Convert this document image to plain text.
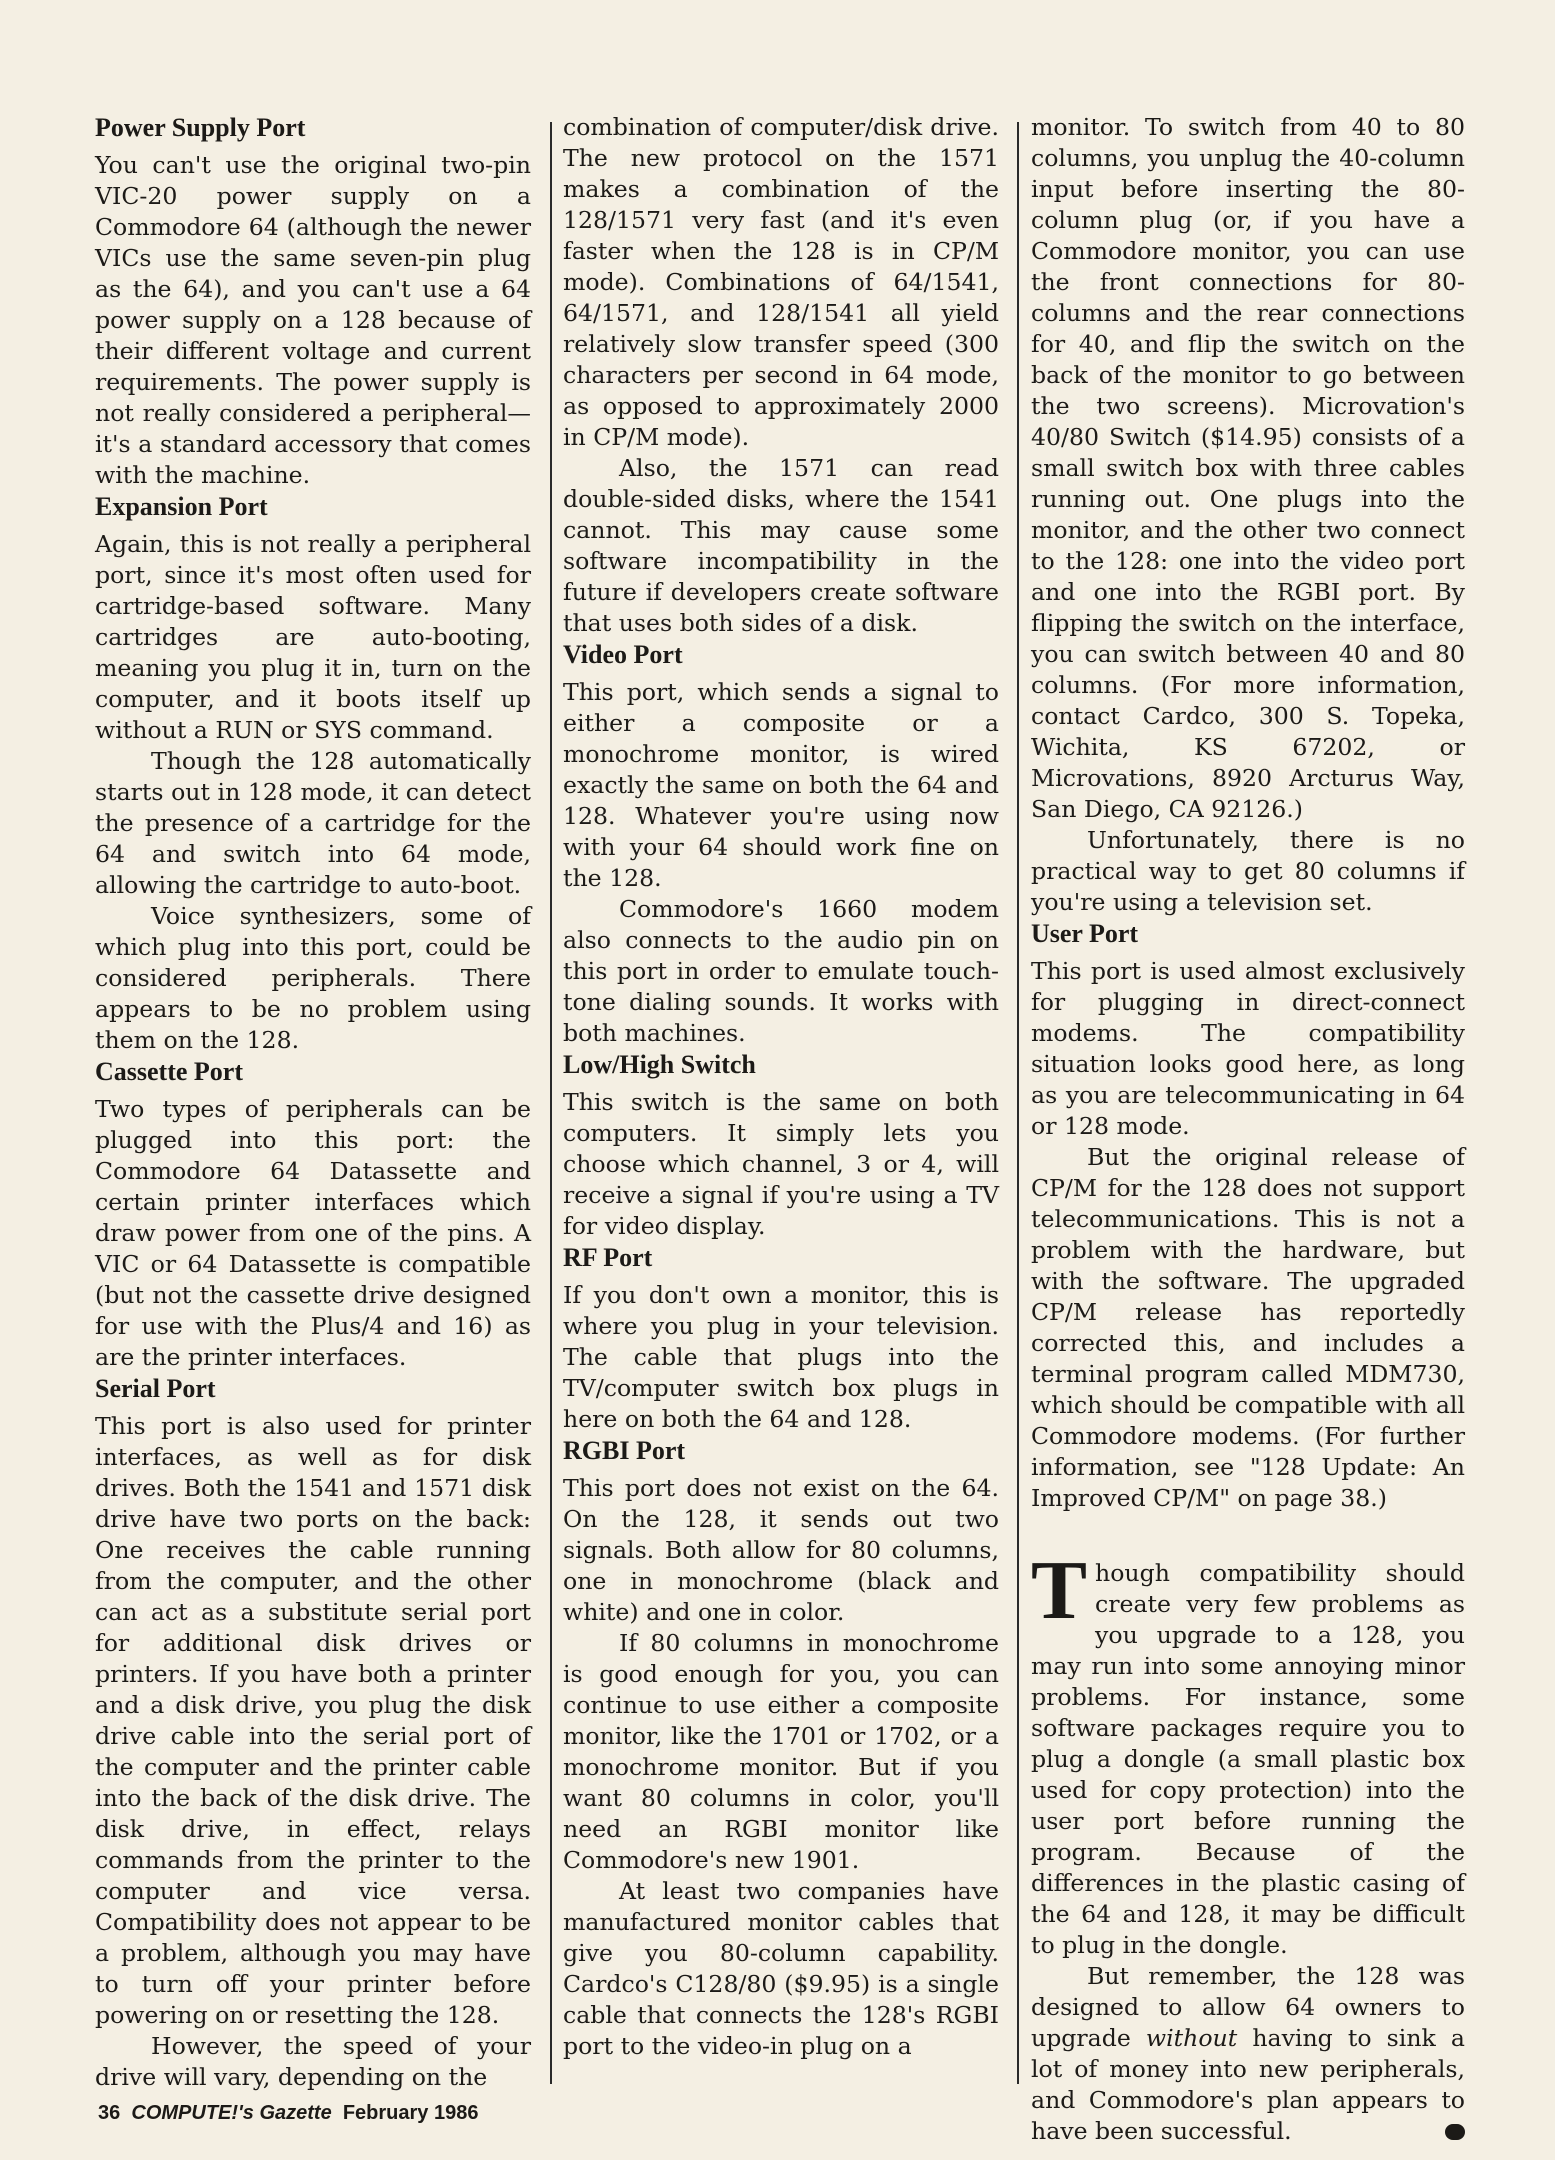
Power Supply Port

You can't use the original two-pin VIC-20 power supply on a Commodore 64 (although the newer VICs use the same seven-pin plug as the 64), and you can't use a 64 power supply on a 128 because of their different voltage and current requirements. The power supply is not really considered a peripheral—it's a standard accessory that comes with the machine.

Expansion Port

Again, this is not really a peripheral port, since it's most often used for cartridge-based software. Many cartridges are auto-booting, meaning you plug it in, turn on the computer, and it boots itself up without a RUN or SYS command.

Though the 128 automatically starts out in 128 mode, it can detect the presence of a cartridge for the 64 and switch into 64 mode, allowing the cartridge to auto-boot.

Voice synthesizers, some of which plug into this port, could be considered peripherals. There appears to be no problem using them on the 128.

Cassette Port

Two types of peripherals can be plugged into this port: the Commodore 64 Datassette and certain printer interfaces which draw power from one of the pins. A VIC or 64 Datassette is compatible (but not the cassette drive designed for use with the Plus/4 and 16) as are the printer interfaces.

Serial Port

This port is also used for printer interfaces, as well as for disk drives. Both the 1541 and 1571 disk drive have two ports on the back: One receives the cable running from the computer, and the other can act as a substitute serial port for additional disk drives or printers. If you have both a printer and a disk drive, you plug the disk drive cable into the serial port of the computer and the printer cable into the back of the disk drive. The disk drive, in effect, relays commands from the printer to the computer and vice versa. Compatibility does not appear to be a problem, although you may have to turn off your printer before powering on or resetting the 128.

However, the speed of your drive will vary, depending on the

combination of computer/disk drive. The new protocol on the 1571 makes a combination of the 128/1571 very fast (and it's even faster when the 128 is in CP/M mode). Combinations of 64/1541, 64/1571, and 128/1541 all yield relatively slow transfer speed (300 characters per second in 64 mode, as opposed to approximately 2000 in CP/M mode).

Also, the 1571 can read double-sided disks, where the 1541 cannot. This may cause some software incompatibility in the future if developers create software that uses both sides of a disk.

Video Port

This port, which sends a signal to either a composite or a monochrome monitor, is wired exactly the same on both the 64 and 128. Whatever you're using now with your 64 should work fine on the 128.

Commodore's 1660 modem also connects to the audio pin on this port in order to emulate touch-tone dialing sounds. It works with both machines.

Low/High Switch

This switch is the same on both computers. It simply lets you choose which channel, 3 or 4, will receive a signal if you're using a TV for video display.

RF Port

If you don't own a monitor, this is where you plug in your television. The cable that plugs into the TV/computer switch box plugs in here on both the 64 and 128.

RGBI Port

This port does not exist on the 64. On the 128, it sends out two signals. Both allow for 80 columns, one in monochrome (black and white) and one in color.

If 80 columns in monochrome is good enough for you, you can continue to use either a composite monitor, like the 1701 or 1702, or a monochrome monitor. But if you want 80 columns in color, you'll need an RGBI monitor like Commodore's new 1901.

At least two companies have manufactured monitor cables that give you 80-column capability. Cardco's C128/80 ($9.95) is a single cable that connects the 128's RGBI port to the video-in plug on a

monitor. To switch from 40 to 80 columns, you unplug the 40-column input before inserting the 80-column plug (or, if you have a Commodore monitor, you can use the front connections for 80-columns and the rear connections for 40, and flip the switch on the back of the monitor to go between the two screens). Microvation's 40/80 Switch ($14.95) consists of a small switch box with three cables running out. One plugs into the monitor, and the other two connect to the 128: one into the video port and one into the RGBI port. By flipping the switch on the interface, you can switch between 40 and 80 columns. (For more information, contact Cardco, 300 S. Topeka, Wichita, KS 67202, or Microvations, 8920 Arcturus Way, San Diego, CA 92126.)

Unfortunately, there is no practical way to get 80 columns if you're using a television set.

User Port

This port is used almost exclusively for plugging in direct-connect modems. The compatibility situation looks good here, as long as you are telecommunicating in 64 or 128 mode.

But the original release of CP/M for the 128 does not support telecommunications. This is not a problem with the hardware, but with the software. The upgraded CP/M release has reportedly corrected this, and includes a terminal program called MDM730, which should be compatible with all Commodore modems. (For further information, see "128 Update: An Improved CP/M" on page 38.)

Though compatibility should create very few problems as you upgrade to a 128, you may run into some annoying minor problems. For instance, some software packages require you to plug a dongle (a small plastic box used for copy protection) into the user port before running the program. Because of the differences in the plastic casing of the 64 and 128, it may be difficult to plug in the dongle.

But remember, the 128 was designed to allow 64 owners to upgrade without having to sink a lot of money into new peripherals, and Commodore's plan appears to have been successful.

36 COMPUTE!'s Gazette February 1986
